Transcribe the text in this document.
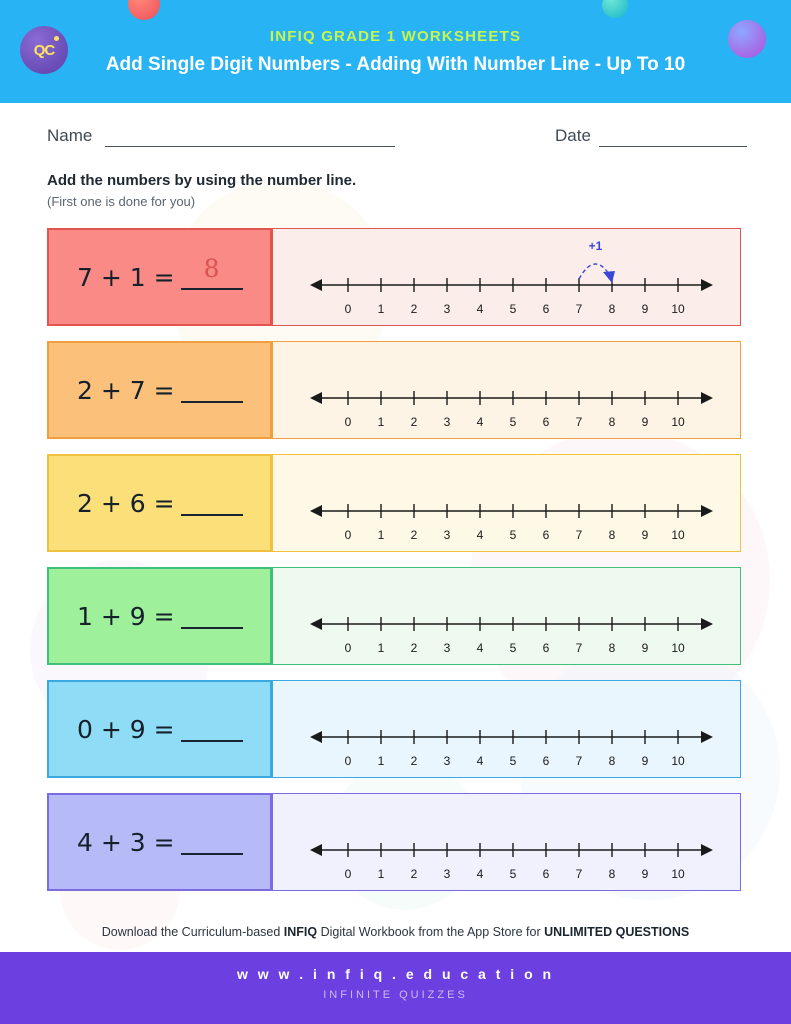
QC
INFIQ GRADE 1 WORKSHEETS
Add Single Digit Numbers - Adding With Number Line - Up To 10
Name	Date
Add the numbers by using the number line.
(First one is done for you)
7 + 1 = 8
0 1 2 3 4 5 6 7 8 9 10
+1
2 + 7 =
0 1 2 3 4 5 6 7 8 9 10
2 + 6 =
0 1 2 3 4 5 6 7 8 9 10
1 + 9 =
0 1 2 3 4 5 6 7 8 9 10
0 + 9 =
0 1 2 3 4 5 6 7 8 9 10
4 + 3 =
0 1 2 3 4 5 6 7 8 9 10
Download the Curriculum-based INFIQ Digital Workbook from the App Store for UNLIMITED QUESTIONS
w w w . i n f i q . e d u c a t i o n
INFINITE QUIZZES
